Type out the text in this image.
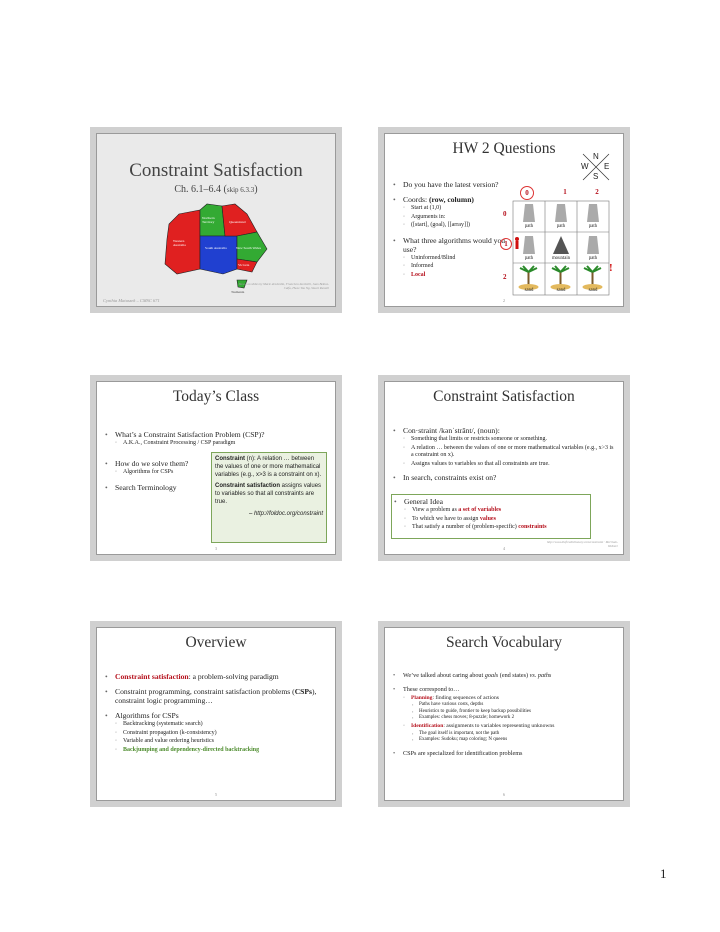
Constraint Satisfaction
Ch. 6.1–6.4 (skip 6.3.3)
Western Australia
Northern Territory
South Australia
Queensland
New South Wales
Victoria
Tasmania
Based on slides by Marie desJardin, Francisco Iacobelli, Juan Bekios-Calfa, Hwee Tou Ng, Stuart Russell
Cynthia Matuszek – CMSC 671
HW 2 Questions	N
W E
S
• Do you have the latest version?
• Coords: (row, column)
◦ Start at (1,0)
◦ Arguments in:
◦ ([start], (goal), [[array]])
• What three algorithms would you use?
◦ Uninformed/Blind
◦ Informed
◦ Local
0	1	2
0
1
2
!
path	path	path
path	mountain	path
sand	sand	sand
2
Today’s Class
• What’s a Constraint Satisfaction Problem (CSP)?
◦ A.K.A., Constraint Processing / CSP paradigm
• How do we solve them?
◦ Algorithms for CSPs
• Search Terminology
Constraint (n): A relation … between the values of one or more mathematical variables (e.g., x>3 is a constraint on x).
Constraint satisfaction assigns values to variables so that all constraints are true.
– http://foldoc.org/constraint
3
Constraint Satisfaction
• Con·straint /kənˈstrānt/, (noun):
◦ Something that limits or restricts someone or something.
◦ A relation … between the values of one or more mathematical variables (e.g., x>3 is a constraint on x).
◦ Assigns values to variables so that all constraints are true.
• In search, constraints exist on?
• General Idea
◦ View a problem as a set of variables
◦ To which we have to assign values
◦ That satisfy a number of (problem-specific) constraints
http://www.thefreedictionary.com/constraint · Merriam-Webster
4
Overview
• Constraint satisfaction: a problem-solving paradigm
• Constraint programming, constraint satisfaction problems (CSPs), constraint logic programming…
• Algorithms for CSPs
◦ Backtracking (systematic search)
◦ Constraint propagation (k-consistency)
◦ Variable and value ordering heuristics
◦ Backjumping and dependency-directed backtracking
5
Search Vocabulary
• We’ve talked about caring about goals (end states) vs. paths
• These correspond to…
◦ Planning: finding sequences of actions
▪ Paths have various costs, depths
▪ Heuristics to guide, frontier to keep backup possibilities
▪ Examples: chess moves; 8-puzzle; homework 2
◦ Identification: assignments to variables representing unknowns
▪ The goal itself is important, not the path
▪ Examples: Sudoku; map coloring; N queens
• CSPs are specialized for identification problems
6
1
